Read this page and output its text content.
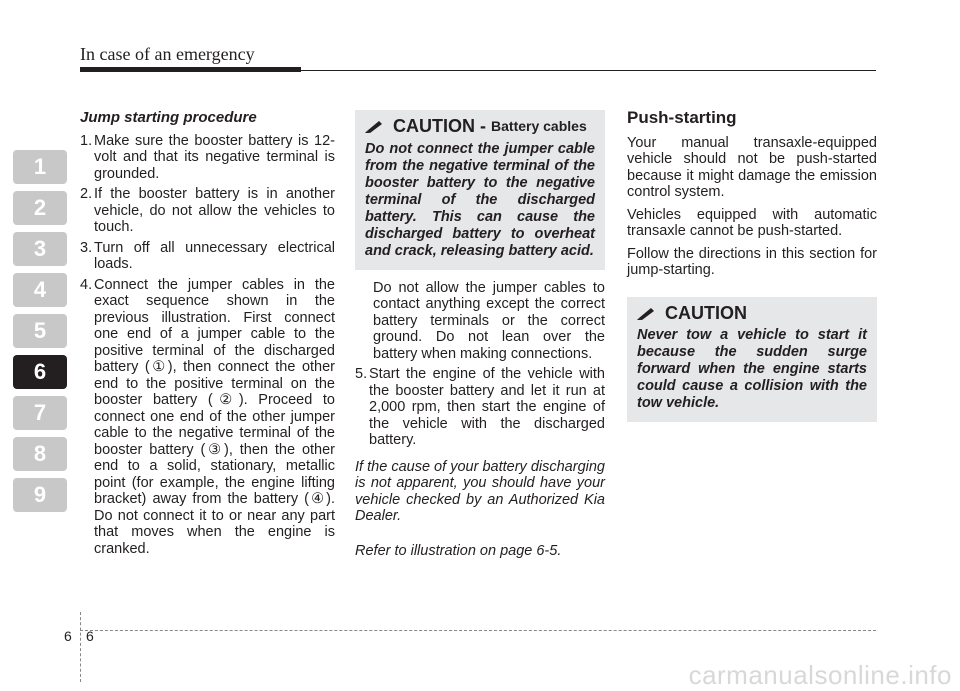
In case of an emergency
1
2
3
4
5
6
7
8
9
Jump starting procedure
1. Make sure the booster battery is 12-volt and that its negative terminal is grounded.
2. If the booster battery is in another vehicle, do not allow the vehicles to touch.
3. Turn off all unnecessary electrical loads.
4. Connect the jumper cables in the exact sequence shown in the previous illustration. First connect one end of a jumper cable to the positive terminal of the discharged battery (①), then connect the other end to the positive terminal on the booster battery (②). Proceed to connect one end of the other jumper cable to the negative terminal of the booster battery (③), then the other end to a solid, stationary, metallic point (for example, the engine lifting bracket) away from the battery (④). Do not connect it to or near any part that moves when the engine is cranked.
CAUTION -
Battery cables
Do not connect the jumper cable from the negative terminal of the booster battery to the negative terminal of the discharged battery. This can cause the discharged battery to overheat and crack, releasing battery acid.
Do not allow the jumper cables to contact anything except the correct battery terminals or the correct ground. Do not lean over the battery when making connections.
5. Start the engine of the vehicle with the booster battery and let it run at 2,000 rpm, then start the engine of the vehicle with the discharged battery.
If the cause of your battery discharging is not apparent, you should have your vehicle checked by an Authorized Kia Dealer.
Refer to illustration on page 6-5.
Push-starting
Your manual transaxle-equipped vehicle should not be push-started because it might damage the emission control system.
Vehicles equipped with automatic transaxle cannot be push-started.
Follow the directions in this section for jump-starting.
CAUTION
Never tow a vehicle to start it because the sudden surge forward when the engine starts could cause a collision with the tow vehicle.
6 6
carmanualsonline.info
